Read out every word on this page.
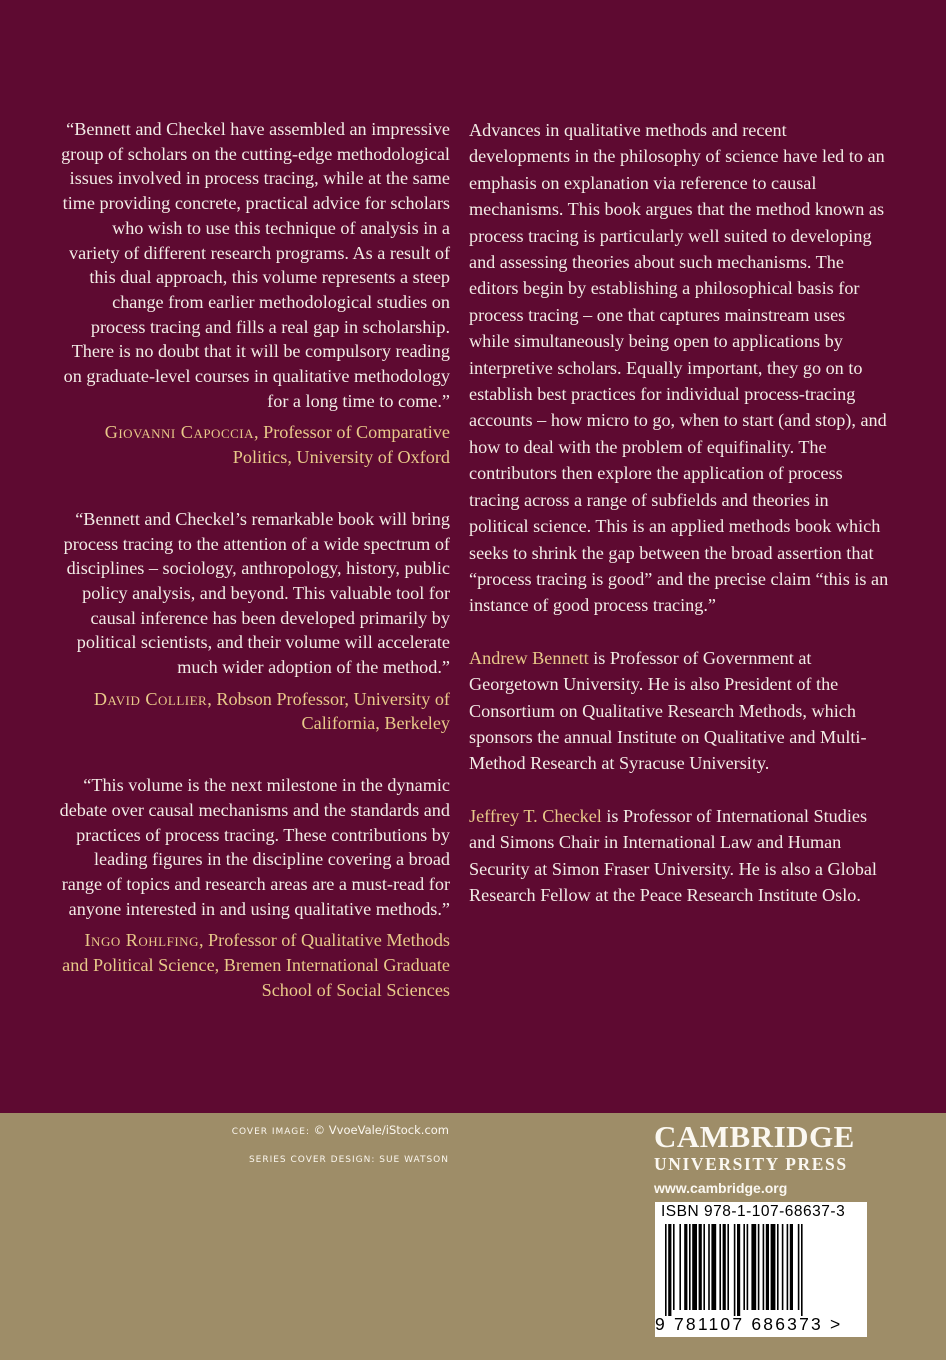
“Bennett and Checkel have assembled an impressive group of scholars on the cutting-edge methodological issues involved in process tracing, while at the same time providing concrete, practical advice for scholars who wish to use this technique of analysis in a variety of different research programs. As a result of this dual approach, this volume represents a steep change from earlier methodological studies on process tracing and fills a real gap in scholarship. There is no doubt that it will be compulsory reading on graduate-level courses in qualitative methodology for a long time to come.”

Giovanni Capoccia, Professor of Comparative Politics, University of Oxford

“Bennett and Checkel’s remarkable book will bring process tracing to the attention of a wide spectrum of disciplines – sociology, anthropology, history, public policy analysis, and beyond. This valuable tool for causal inference has been developed primarily by political scientists, and their volume will accelerate much wider adoption of the method.”

David Collier, Robson Professor, University of California, Berkeley

“This volume is the next milestone in the dynamic debate over causal mechanisms and the standards and practices of process tracing. These contributions by leading figures in the discipline covering a broad range of topics and research areas are a must-read for anyone interested in and using qualitative methods.”

Ingo Rohlfing, Professor of Qualitative Methods and Political Science, Bremen International Graduate School of Social Sciences

Advances in qualitative methods and recent developments in the philosophy of science have led to an emphasis on explanation via reference to causal mechanisms. This book argues that the method known as process tracing is particularly well suited to developing and assessing theories about such mechanisms. The editors begin by establishing a philosophical basis for process tracing – one that captures mainstream uses while simultaneously being open to applications by interpretive scholars. Equally important, they go on to establish best practices for individual process-tracing accounts – how micro to go, when to start (and stop), and how to deal with the problem of equifinality. The contributors then explore the application of process tracing across a range of subfields and theories in political science. This is an applied methods book which seeks to shrink the gap between the broad assertion that “process tracing is good” and the precise claim “this is an instance of good process tracing.”

Andrew Bennett is Professor of Government at Georgetown University. He is also President of the Consortium on Qualitative Research Methods, which sponsors the annual Institute on Qualitative and Multi-Method Research at Syracuse University.

Jeffrey T. Checkel is Professor of International Studies and Simons Chair in International Law and Human Security at Simon Fraser University. He is also a Global Research Fellow at the Peace Research Institute Oslo.

COVER IMAGE: © VvoeVale/iStock.com
SERIES COVER DESIGN: SUE WATSON
CAMBRIDGE
UNIVERSITY PRESS
www.cambridge.org
ISBN 978-1-107-68637-3
9 781107 686373 >
